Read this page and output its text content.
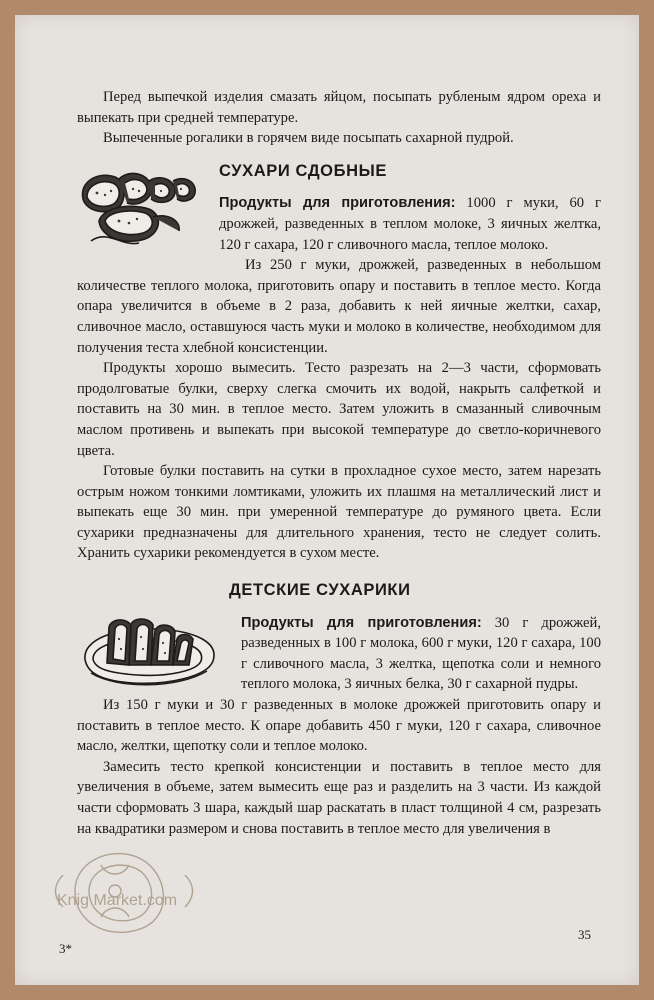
Перед выпечкой изделия смазать яйцом, посыпать рубленым ядром ореха и выпекать при средней температуре.

Выпеченные рогалики в горячем виде посыпать сахарной пудрой.

СУХАРИ СДОБНЫЕ

Продукты для приготовления: 1000 г муки, 60 г дрожжей, разведенных в теплом молоке, 3 яичных желтка, 120 г сахара, 120 г сливочного масла, теплое молоко.

Из 250 г муки, дрожжей, разведенных в небольшом количестве теплого молока, приготовить опару и поставить в теплое место. Когда опара увеличится в объеме в 2 раза, добавить к ней яичные желтки, сахар, сливочное масло, оставшуюся часть муки и молоко в количестве, необходимом для получения теста хлебной консистенции.

Продукты хорошо вымесить. Тесто разрезать на 2—3 части, сформовать продолговатые булки, сверху слегка смочить их водой, накрыть салфеткой и поставить на 30 мин. в теплое место. Затем уложить в смазанный сливочным маслом противень и выпекать при высокой температуре до светло-коричневого цвета.

Готовые булки поставить на сутки в прохладное сухое место, затем нарезать острым ножом тонкими ломтиками, уложить их плашмя на металлический лист и выпекать еще 30 мин. при умеренной температуре до румяного цвета. Если сухарики предназначены для длительного хранения, тесто не следует солить. Хранить сухарики рекомендуется в сухом месте.

ДЕТСКИЕ СУХАРИКИ

Продукты для приготовления: 30 г дрожжей, разведенных в 100 г молока, 600 г муки, 120 г сахара, 100 г сливочного масла, 3 желтка, щепотка соли и немного теплого молока, 3 яичных белка, 30 г сахарной пудры.

Из 150 г муки и 30 г разведенных в молоке дрожжей приготовить опару и поставить в теплое место. К опаре добавить 450 г муки, 120 г сахара, сливочное масло, желтки, щепотку соли и теплое молоко.

Замесить тесто крепкой консистенции и поставить в теплое место для увеличения в объеме, затем вымесить еще раз и разделить на 3 части. Из каждой части сформовать 3 шара, каждый шар раскатать в пласт толщиной 4 см, разрезать на квадратики размером и снова поставить в теплое место для увеличения в

Knig Market.com
3*
35
